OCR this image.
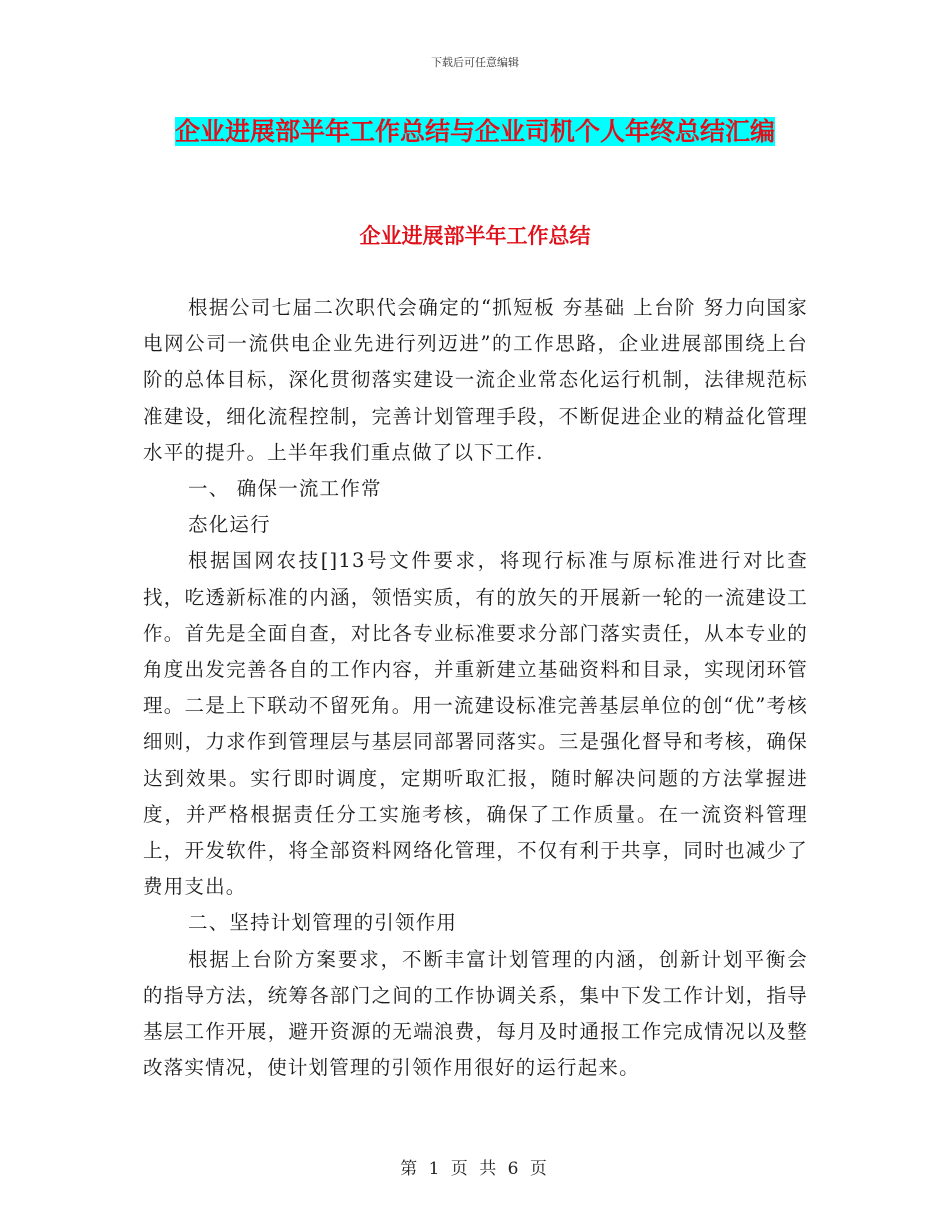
下载后可任意编辑
企业进展部半年工作总结与企业司机个人年终总结汇编
企业进展部半年工作总结

根据公司七届二次职代会确定的“抓短板 夯基础 上台阶 努力向国家电网公司一流供电企业先进行列迈进”的工作思路，企业进展部围绕上台阶的总体目标，深化贯彻落实建设一流企业常态化运行机制，法律规范标准建设，细化流程控制，完善计划管理手段，不断促进企业的精益化管理水平的提升。上半年我们重点做了以下工作.

一、 确保一流工作常

态化运行

根据国网农技[]13号文件要求，将现行标准与原标准进行对比查找，吃透新标准的内涵，领悟实质，有的放矢的开展新一轮的一流建设工作。首先是全面自查，对比各专业标准要求分部门落实责任，从本专业的角度出发完善各自的工作内容，并重新建立基础资料和目录，实现闭环管理。二是上下联动不留死角。用一流建设标准完善基层单位的创“优”考核细则，力求作到管理层与基层同部署同落实。三是强化督导和考核，确保达到效果。实行即时调度，定期听取汇报，随时解决问题的方法掌握进度，并严格根据责任分工实施考核，确保了工作质量。在一流资料管理上，开发软件，将全部资料网络化管理，不仅有利于共享，同时也减少了费用支出。

二、坚持计划管理的引领作用

根据上台阶方案要求，不断丰富计划管理的内涵，创新计划平衡会的指导方法，统筹各部门之间的工作协调关系，集中下发工作计划，指导基层工作开展，避开资源的无端浪费，每月及时通报工作完成情况以及整改落实情况，使计划管理的引领作用很好的运行起来。

第 1 页 共 6 页
